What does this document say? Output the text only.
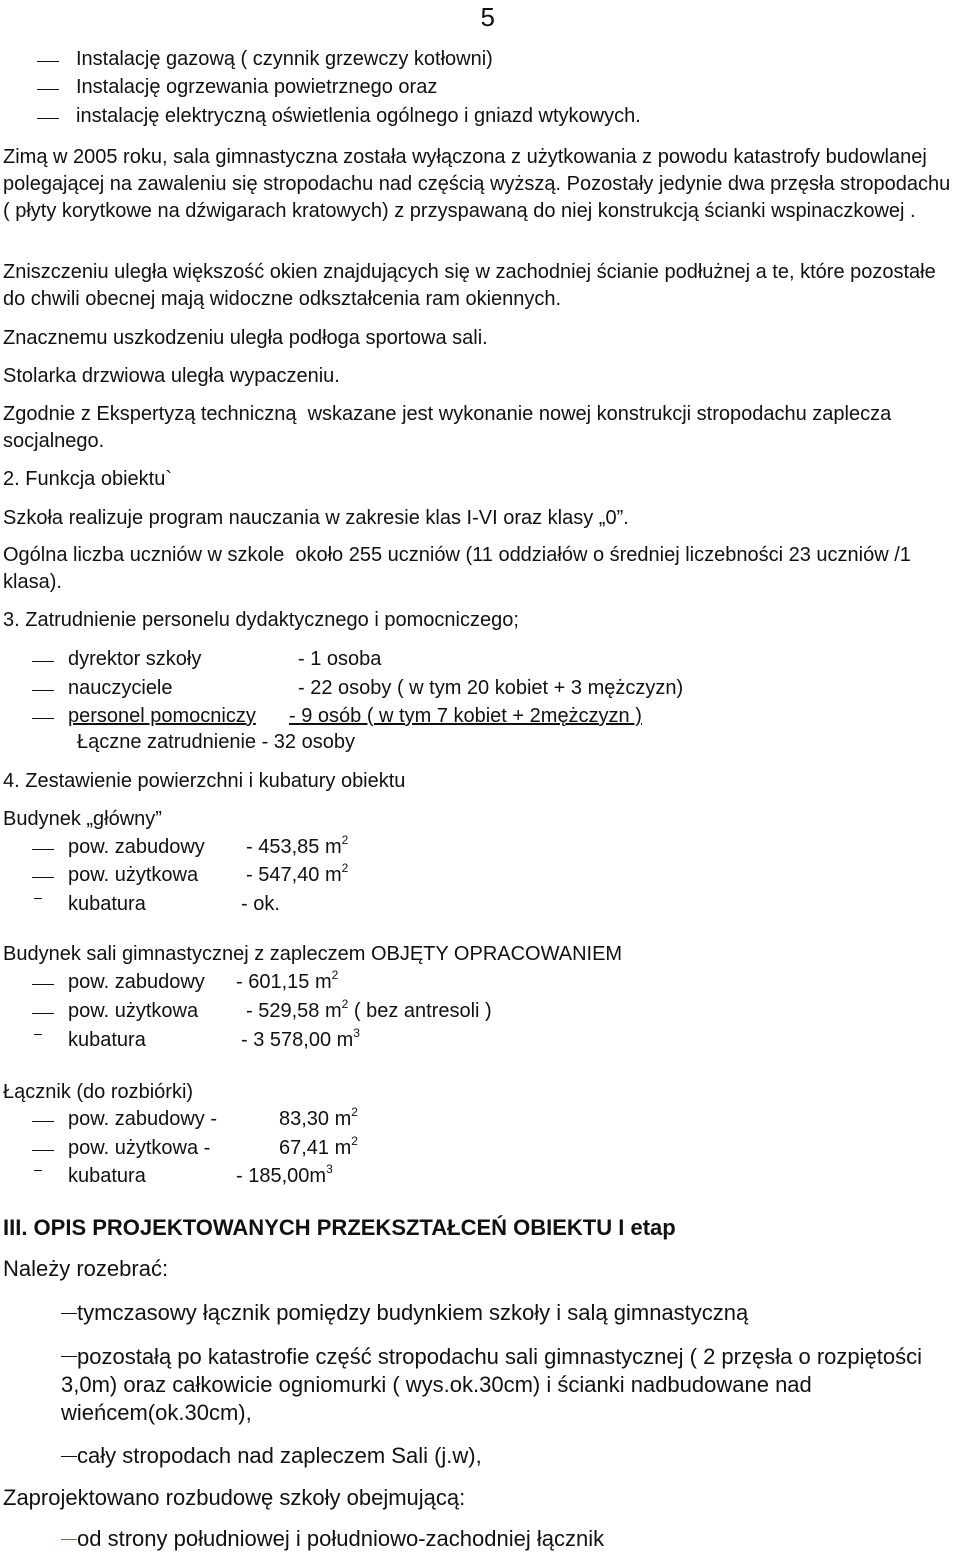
5
Instalację gazową ( czynnik grzewczy kotłowni)
Instalację ogrzewania powietrznego oraz
instalację elektryczną oświetlenia ogólnego i gniazd wtykowych.
Zimą w 2005 roku, sala gimnastyczna została wyłączona z użytkowania z powodu katastrofy budowlanej polegającej na zawaleniu się stropodachu nad częścią wyższą. Pozostały jedynie dwa przęsła stropodachu ( płyty korytkowe na dźwigarach kratowych) z przyspawaną do niej konstrukcją ścianki wspinaczkowej .
Zniszczeniu uległa większość okien znajdujących się w zachodniej ścianie podłużnej a te, które pozostałe do chwili obecnej mają widoczne odkształcenia ram okiennych.
Znacznemu uszkodzeniu uległa podłoga sportowa sali.
Stolarka drzwiowa uległa wypaczeniu.
Zgodnie z Ekspertyzą techniczną  wskazane jest wykonanie nowej konstrukcji stropodachu zaplecza socjalnego.
2. Funkcja obiektu`
Szkoła realizuje program nauczania w zakresie klas I-VI oraz klasy „0”.
Ogólna liczba uczniów w szkole  około 255 uczniów (11 oddziałów o średniej liczebności 23 uczniów /1 klasa).
3. Zatrudnienie personelu dydaktycznego i pomocniczego;
dyrektor szkoły	- 1 osoba
nauczyciele	- 22 osoby ( w tym 20 kobiet + 3 mężczyzn)
personel pomocniczy - 9 osób ( w tym 7 kobiet + 2mężczyzn )
Łączne zatrudnienie - 32 osoby
4. Zestawienie powierzchni i kubatury obiektu
Budynek „główny”
pow. zabudowy - 453,85 $m^2$
pow. użytkowa - 547,40 $m^2$
kubatura	- ok.
Budynek sali gimnastycznej z zapleczem OBJĘTY OPRACOWANIEM
pow. zabudowy - 601,15 $m^2$
pow. użytkowa - 529,58 $m^2$ ( bez antresoli )
kubatura	- 3 578,00 $m^3$
Łącznik (do rozbiórki)
pow. zabudowy -	83,30 $m^2$
pow. użytkowa -	67,41 $m^2$
kubatura	- $185,00m^3$
III. OPIS PROJEKTOWANYCH PRZEKSZTAŁCEŃ OBIEKTU I etap
Należy rozebrać:
tymczasowy łącznik pomiędzy budynkiem szkoły i salą gimnastyczną
pozostałą po katastrofie część stropodachu sali gimnastycznej ( 2 przęsła o rozpiętości 3,0m) oraz całkowicie ogniomurki ( wys.ok.30cm) i ścianki nadbudowane nad wieńcem(ok.30cm),
cały stropodach nad zapleczem Sali (j.w),
Zaprojektowano rozbudowę szkoły obejmującą:
od strony południowej i południowo-zachodniej łącznik
